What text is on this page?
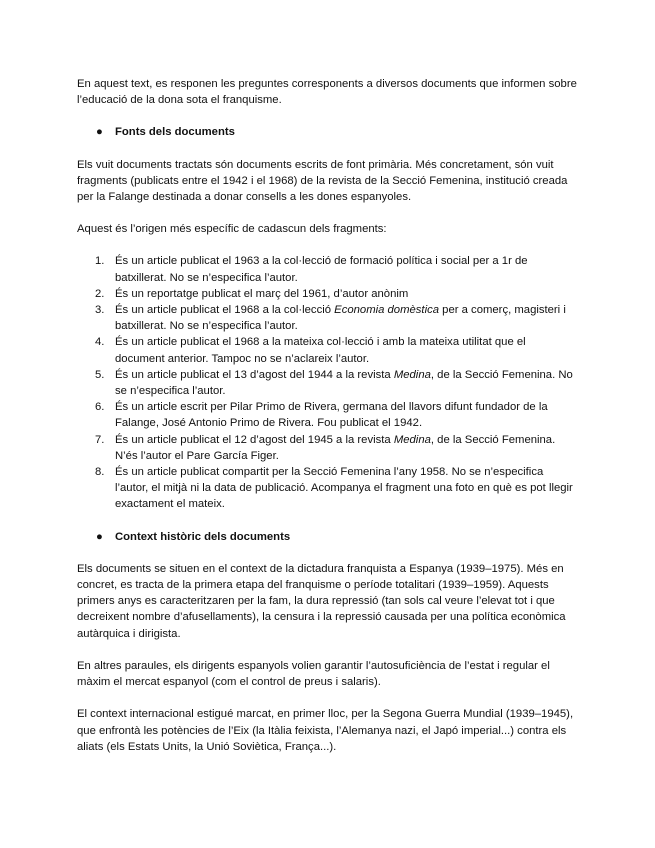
En aquest text, es responen les preguntes corresponents a diversos documents que informen sobre l’educació de la dona sota el franquisme.

● Fonts dels documents

Els vuit documents tractats són documents escrits de font primària. Més concretament, són vuit fragments (publicats entre el 1942 i el 1968) de la revista de la Secció Femenina, institució creada per la Falange destinada a donar consells a les dones espanyoles.

Aquest és l’origen més específic de cadascun dels fragments:

1. És un article publicat el 1963 a la col·lecció de formació política i social per a 1r de batxillerat. No se n’especifica l’autor.
2. És un reportatge publicat el març del 1961, d’autor anònim
3. És un article publicat el 1968 a la col·lecció Economia domèstica per a comerç, magisteri i batxillerat. No se n’especifica l’autor.
4. És un article publicat el 1968 a la mateixa col·lecció i amb la mateixa utilitat que el document anterior. Tampoc no se n’aclareix l’autor.
5. És un article publicat el 13 d’agost del 1944 a la revista Medina, de la Secció Femenina. No se n’especifica l’autor.
6. És un article escrit per Pilar Primo de Rivera, germana del llavors difunt fundador de la Falange, José Antonio Primo de Rivera. Fou publicat el 1942.
7. És un article publicat el 12 d’agost del 1945 a la revista Medina, de la Secció Femenina. N’és l’autor el Pare García Figer.
8. És un article publicat compartit per la Secció Femenina l’any 1958. No se n’especifica l’autor, el mitjà ni la data de publicació. Acompanya el fragment una foto en què es pot llegir exactament el mateix.
● Context històric dels documents

Els documents se situen en el context de la dictadura franquista a Espanya (1939–1975). Més en concret, es tracta de la primera etapa del franquisme o període totalitari (1939–1959). Aquests primers anys es caracteritzaren per la fam, la dura repressió (tan sols cal veure l’elevat tot i que decreixent nombre d’afusellaments), la censura i la repressió causada per una política econòmica autàrquica i dirigista.

En altres paraules, els dirigents espanyols volien garantir l’autosuficiència de l’estat i regular el màxim el mercat espanyol (com el control de preus i salaris).

El context internacional estigué marcat, en primer lloc, per la Segona Guerra Mundial (1939–1945), que enfrontà les potències de l’Eix (la Itàlia feixista, l’Alemanya nazi, el Japó imperial...) contra els aliats (els Estats Units, la Unió Soviètica, França...).
